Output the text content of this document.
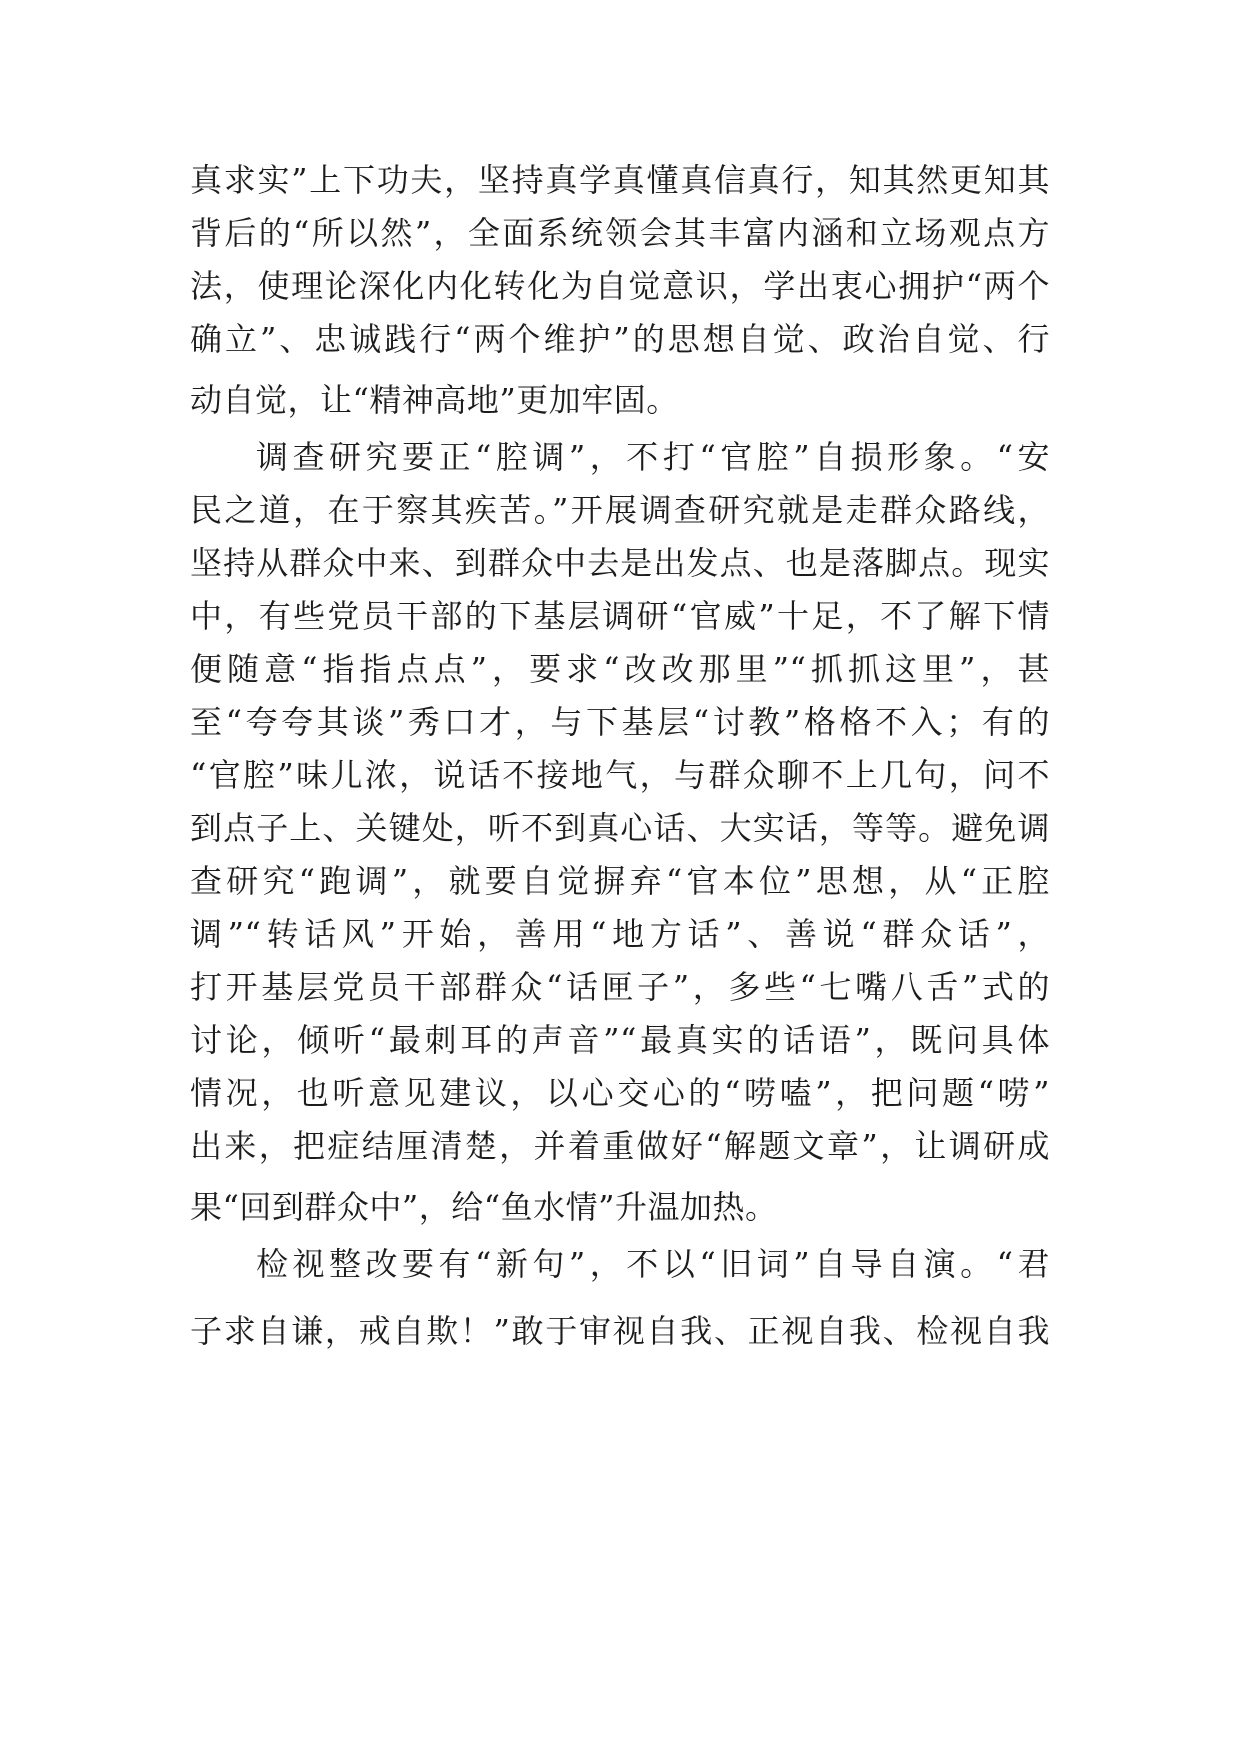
真求实”上下功夫，坚持真学真懂真信真行，知其然更知其
背后的“所以然”，全面系统领会其丰富内涵和立场观点方
法，使理论深化内化转化为自觉意识，学出衷心拥护“两个
确立”、忠诚践行“两个维护”的思想自觉、政治自觉、行
动自觉，让“精神高地”更加牢固。
调查研究要正“腔调”，不打“官腔”自损形象。“安
民之道，在于察其疾苦。”开展调查研究就是走群众路线，
坚持从群众中来、到群众中去是出发点、也是落脚点。现实
中，有些党员干部的下基层调研“官威”十足，不了解下情
便随意“指指点点”，要求“改改那里”“抓抓这里”，甚
至“夸夸其谈”秀口才，与下基层“讨教”格格不入；有的
“官腔”味儿浓，说话不接地气，与群众聊不上几句，问不
到点子上、关键处，听不到真心话、大实话，等等。避免调
查研究“跑调”，就要自觉摒弃“官本位”思想，从“正腔
调”“转话风”开始，善用“地方话”、善说“群众话”，
打开基层党员干部群众“话匣子”，多些“七嘴八舌”式的
讨论，倾听“最刺耳的声音”“最真实的话语”，既问具体
情况，也听意见建议，以心交心的“唠嗑”，把问题“唠”
出来，把症结厘清楚，并着重做好“解题文章”，让调研成
果“回到群众中”，给“鱼水情”升温加热。
检视整改要有“新句”，不以“旧词”自导自演。“君
子求自谦，戒自欺！”敢于审视自我、正视自我、检视自我
